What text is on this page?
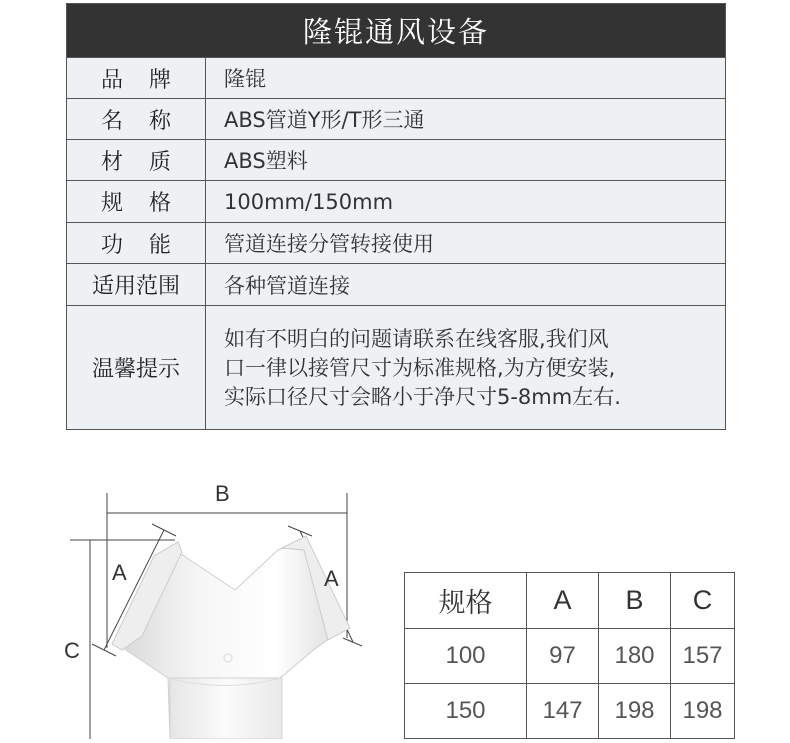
隆锟通风设备
品牌	隆锟
名称	ABS管道Y形/T形三通
材质	ABS塑料
规格	100mm/150mm
功能	管道连接分管转接使用
适用范围	各种管道连接
温馨提示
如有不明白的问题请联系在线客服,我们风
口一律以接管尺寸为标准规格,为方便安装,
实际口径尺寸会略小于净尺寸5-8mm左右.
B
A	A
C
规格	A	B	C
100	97	180	157
150	147	198	198
